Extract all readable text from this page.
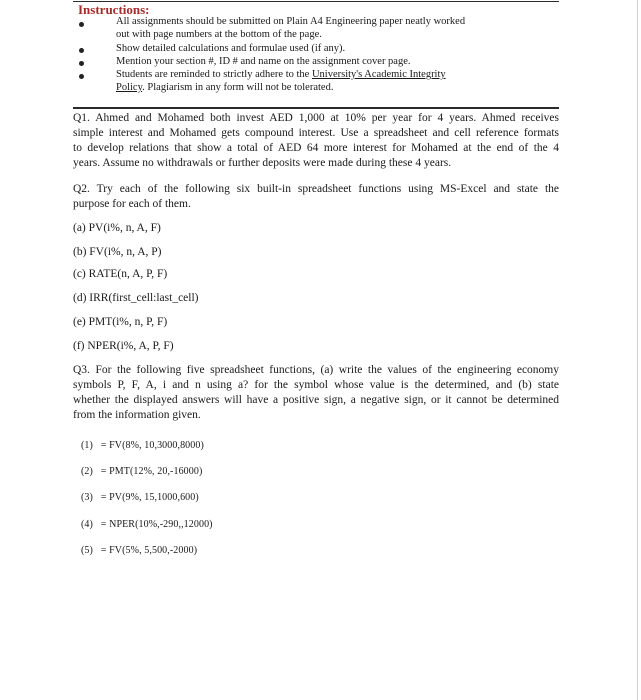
Instructions:
All assignments should be submitted on Plain A4 Engineering paper neatly worked
out with page numbers at the bottom of the page.
Show detailed calculations and formulae used (if any).
Mention your section #, ID # and name on the assignment cover page.
Students are reminded to strictly adhere to the University's Academic Integrity
Policy. Plagiarism in any form will not be tolerated.
Q1. Ahmed and Mohamed both invest AED 1,000 at 10% per year for 4 years. Ahmed receives
simple interest and Mohamed gets compound interest. Use a spreadsheet and cell reference formats
to develop relations that show a total of AED 64 more interest for Mohamed at the end of the 4
years. Assume no withdrawals or further deposits were made during these 4 years.
Q2. Try each of the following six built-in spreadsheet functions using MS-Excel and state the
purpose for each of them.
(a) PV(i%, n, A, F)
(b) FV(i%, n, A, P)
(c) RATE(n, A, P, F)
(d) IRR(first_cell:last_cell)
(e) PMT(i%, n, P, F)
(f) NPER(i%, A, P, F)
Q3. For the following five spreadsheet functions, (a) write the values of the engineering economy
symbols P, F, A, i and n using a? for the symbol whose value is the determined, and (b) state
whether the displayed answers will have a positive sign, a negative sign, or it cannot be determined
from the information given.
(1) = FV(8%, 10,3000,8000)
(2) = PMT(12%, 20,-16000)
(3) = PV(9%, 15,1000,600)
(4) = NPER(10%,-290,,12000)
(5) = FV(5%, 5,500,-2000)
